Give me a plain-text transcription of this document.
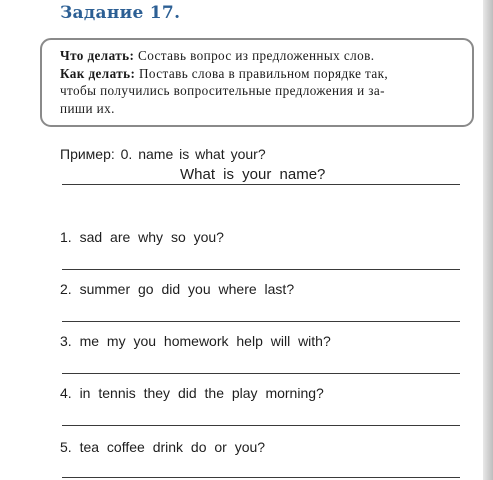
Задание 17.
Что делать: Составь вопрос из предложенных слов.
Как делать: Поставь слова в правильном порядке так,
чтобы получились вопросительные предложения и за-
пиши их.
Пример: 0. name is what your?
What is your name?
1. sad are why so you?
2. summer go did you where last?
3. me my you homework help will with?
4. in tennis they did the play morning?
5. tea coffee drink do or you?
